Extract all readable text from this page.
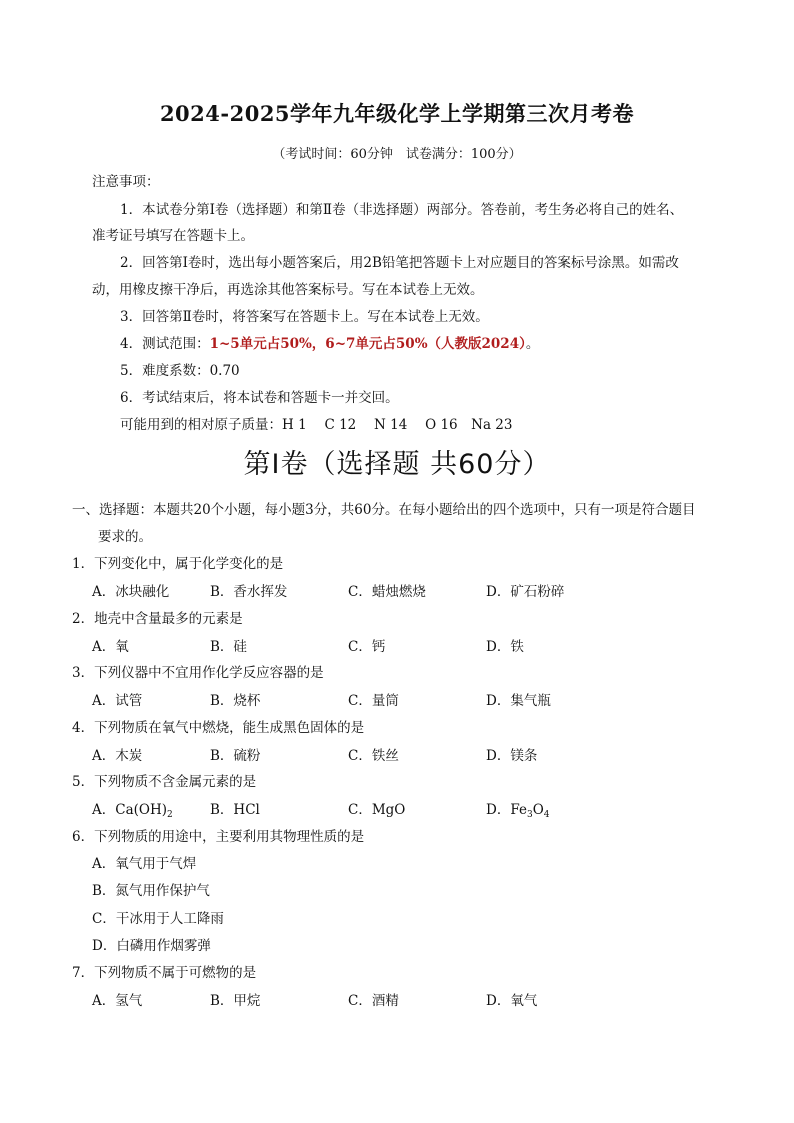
2024-2025学年九年级化学上学期第三次月考卷
（考试时间：60分钟　试卷满分：100分）
注意事项：
1．本试卷分第Ⅰ卷（选择题）和第Ⅱ卷（非选择题）两部分。答卷前，考生务必将自己的姓名、
准考证号填写在答题卡上。
2．回答第Ⅰ卷时，选出每小题答案后，用2B铅笔把答题卡上对应题目的答案标号涂黑。如需改
动，用橡皮擦干净后，再选涂其他答案标号。写在本试卷上无效。
3．回答第Ⅱ卷时，将答案写在答题卡上。写在本试卷上无效。
4．测试范围：1~5单元占50%，6~7单元占50%（人教版2024）。
5．难度系数：0.70
6．考试结束后，将本试卷和答题卡一并交回。
可能用到的相对原子质量：H 1　 C 12　 N 14　 O 16　Na 23
第Ⅰ卷（选择题 共60分）
一、选择题：本题共20个小题，每小题3分，共60分。在每小题给出的四个选项中，只有一项是符合题目
要求的。
1．下列变化中，属于化学变化的是
A．冰块融化	B．香水挥发	C．蜡烛燃烧	D．矿石粉碎
2．地壳中含量最多的元素是
A．氧	B．硅	C．钙	D．铁
3．下列仪器中不宜用作化学反应容器的是
A．试管	B．烧杯	C．量筒	D．集气瓶
4．下列物质在氧气中燃烧，能生成黑色固体的是
A．木炭	B．硫粉	C．铁丝	D．镁条
5．下列物质不含金属元素的是
A．$Ca(OH)_2$	B．HCl	C．MgO	D．$Fe_3O_4$
6．下列物质的用途中，主要利用其物理性质的是
A．氧气用于气焊
B．氮气用作保护气
C．干冰用于人工降雨
D．白磷用作烟雾弹
7．下列物质不属于可燃物的是
A．氢气	B．甲烷	C．酒精	D．氧气
